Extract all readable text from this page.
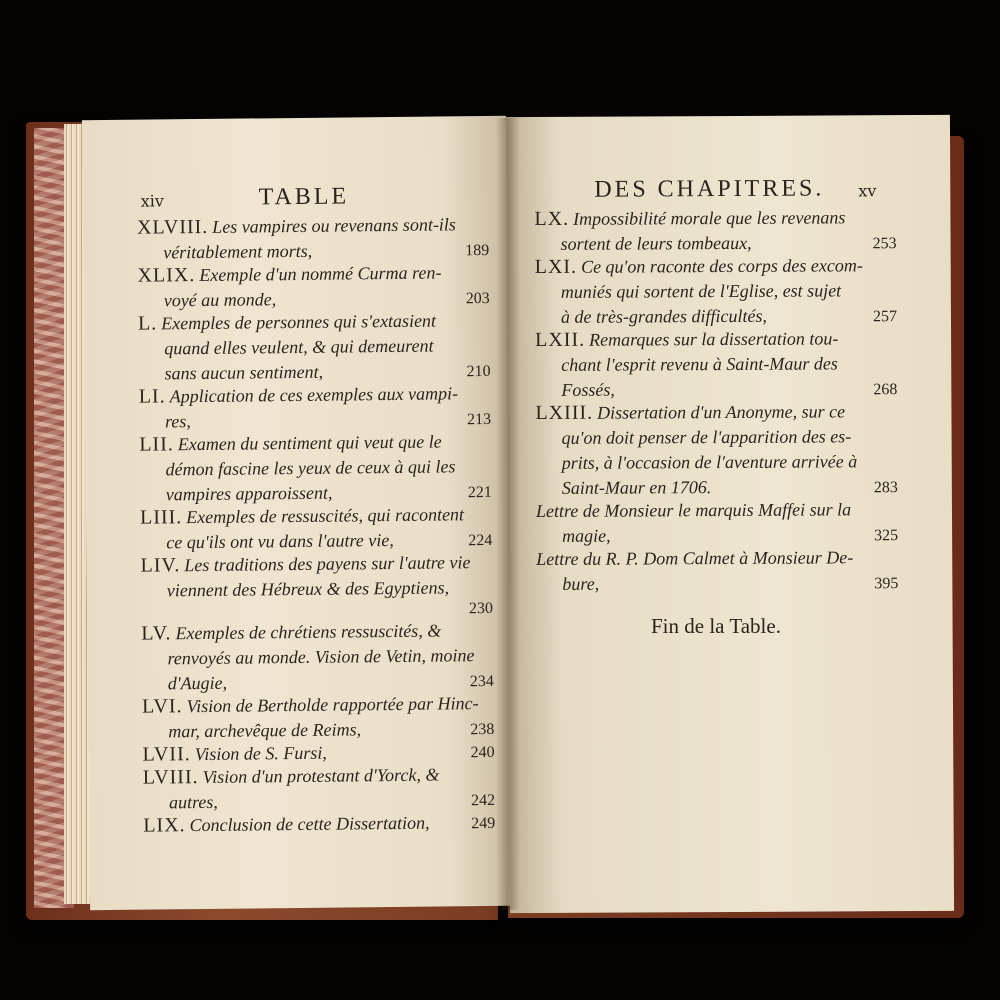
xiv	TABLE
XLVIII. Les vampires ou revenans sont-ils
véritablement morts,	189
XLIX. Exemple d'un nommé Curma ren-
voyé au monde,	203
L. Exemples de personnes qui s'extasient
quand elles veulent, & qui demeurent
sans aucun sentiment,	210
LI. Application de ces exemples aux vampi-
res,	213
LII. Examen du sentiment qui veut que le
démon fascine les yeux de ceux à qui les
vampires apparoissent,	221
LIII. Exemples de ressuscités, qui racontent
ce qu'ils ont vu dans l'autre vie,	224
LIV. Les traditions des payens sur l'autre vie
viennent des Hébreux & des Egyptiens,
230
LV. Exemples de chrétiens ressuscités, &
renvoyés au monde. Vision de Vetin, moine
d'Augie,	234
LVI. Vision de Bertholde rapportée par Hinc-
mar, archevêque de Reims,	238
LVII. Vision de S. Fursi,	240
LVIII. Vision d'un protestant d'Yorck, &
autres,	242
LIX. Conclusion de cette Dissertation,	249
DES CHAPITRES. xv
LX. Impossibilité morale que les revenans
sortent de leurs tombeaux,	253
LXI. Ce qu'on raconte des corps des excom-
muniés qui sortent de l'Eglise, est sujet
à de très-grandes difficultés,	257
LXII. Remarques sur la dissertation tou-
chant l'esprit revenu à Saint-Maur des
Fossés,	268
LXIII. Dissertation d'un Anonyme, sur ce
qu'on doit penser de l'apparition des es-
prits, à l'occasion de l'aventure arrivée à
Saint-Maur en 1706.	283
Lettre de Monsieur le marquis Maffei sur la
magie,	325
Lettre du R. P. Dom Calmet à Monsieur De-
bure,	395
Fin de la Table.
